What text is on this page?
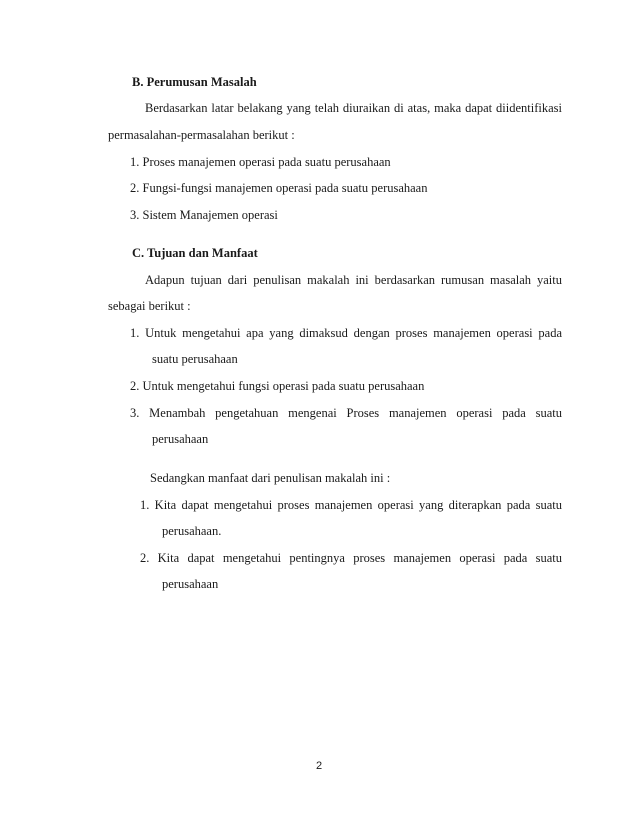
B. Perumusan Masalah
Berdasarkan latar belakang yang telah diuraikan di atas, maka dapat diidentifikasi
permasalahan-permasalahan berikut :
1. Proses manajemen operasi pada suatu perusahaan
2. Fungsi-fungsi manajemen operasi pada suatu perusahaan
3. Sistem Manajemen operasi
C. Tujuan dan Manfaat
Adapun tujuan dari penulisan makalah ini berdasarkan rumusan masalah yaitu
sebagai berikut :
1. Untuk mengetahui apa yang dimaksud dengan proses manajemen operasi pada
suatu perusahaan
2. Untuk mengetahui fungsi operasi pada suatu perusahaan
3. Menambah pengetahuan mengenai Proses manajemen operasi pada suatu
perusahaan
Sedangkan manfaat dari penulisan makalah ini :
1. Kita dapat mengetahui proses manajemen operasi yang diterapkan pada suatu
perusahaan.
2. Kita dapat mengetahui pentingnya proses manajemen operasi pada suatu
perusahaan
2
